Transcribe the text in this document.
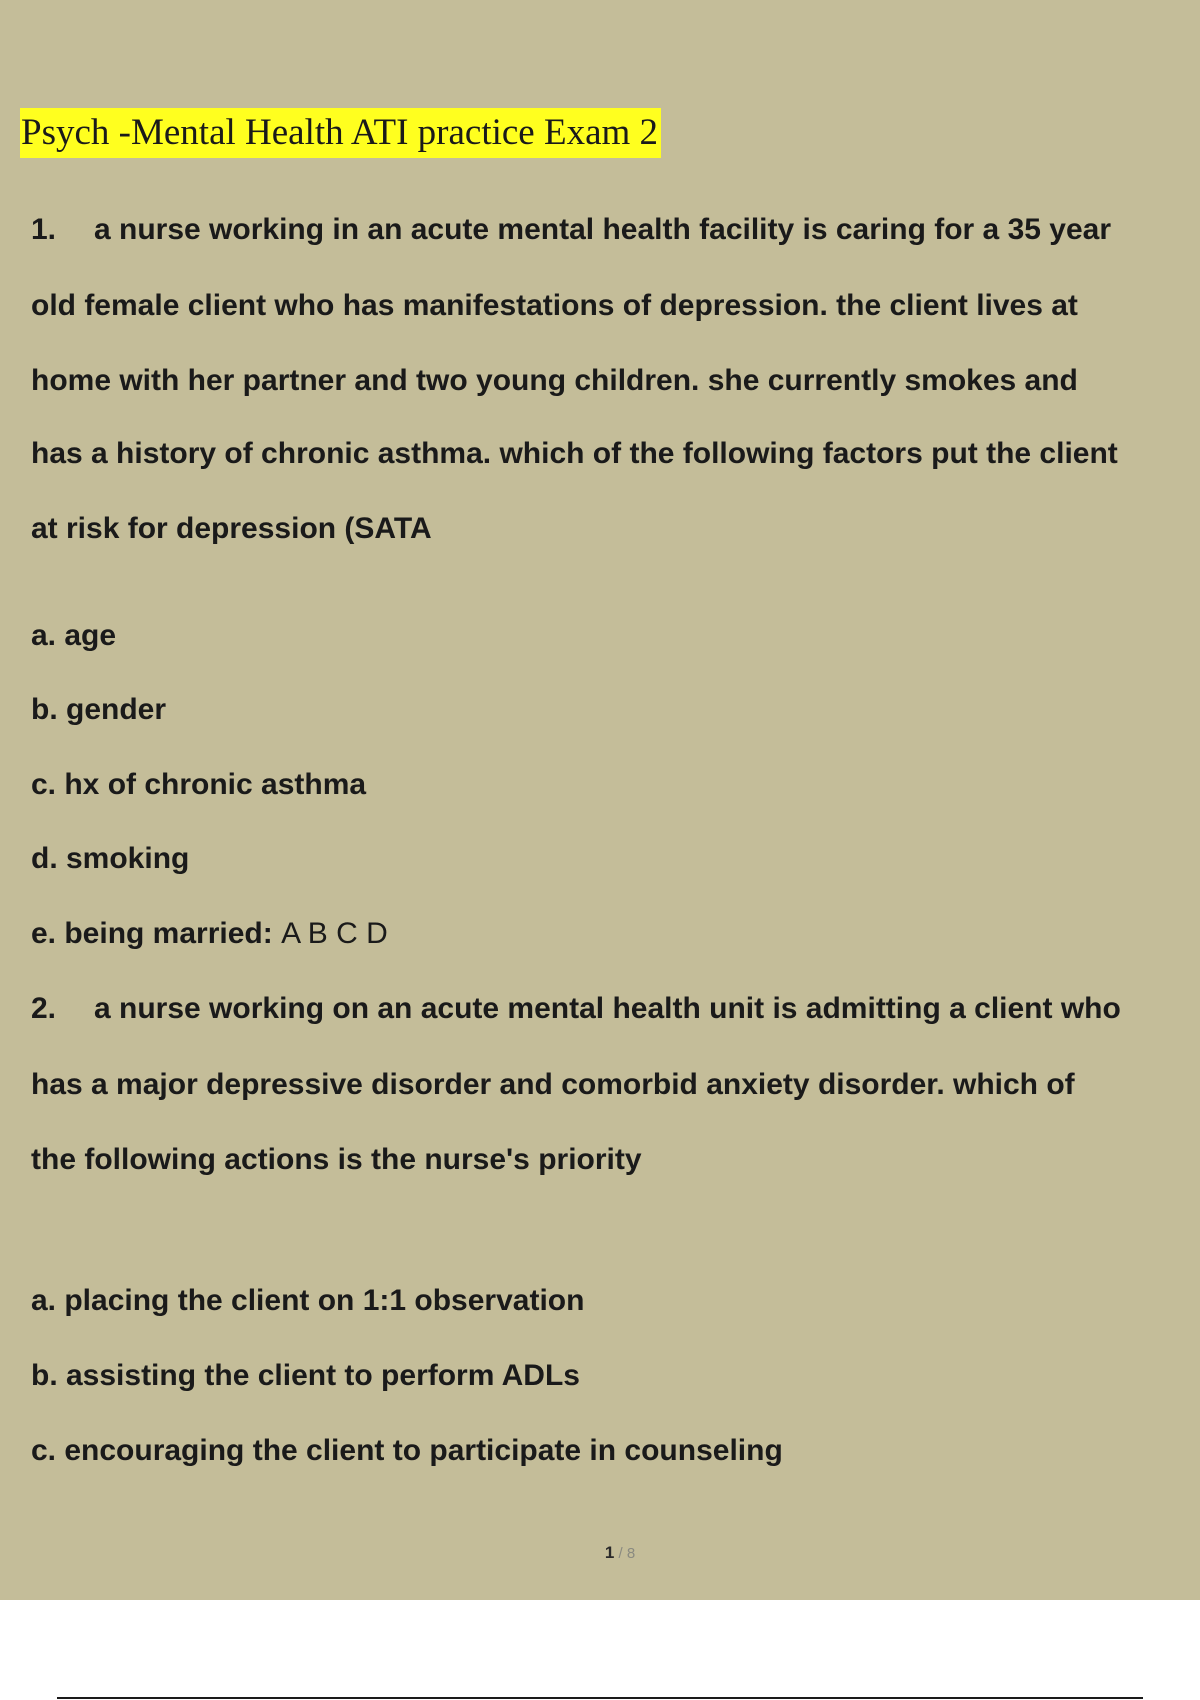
Psych -Mental Health ATI practice Exam 2
1. a nurse working in an acute mental health facility is caring for a 35 year
old female client who has manifestations of depression. the client lives at
home with her partner and two young children. she currently smokes and
has a history of chronic asthma. which of the following factors put the client
at risk for depression (SATA
a. age
b. gender
c. hx of chronic asthma
d. smoking
e. being married: A B C D
2. a nurse working on an acute mental health unit is admitting a client who
has a major depressive disorder and comorbid anxiety disorder. which of
the following actions is the nurse's priority
a. placing the client on 1:1 observation
b. assisting the client to perform ADLs
c. encouraging the client to participate in counseling
1 / 8
